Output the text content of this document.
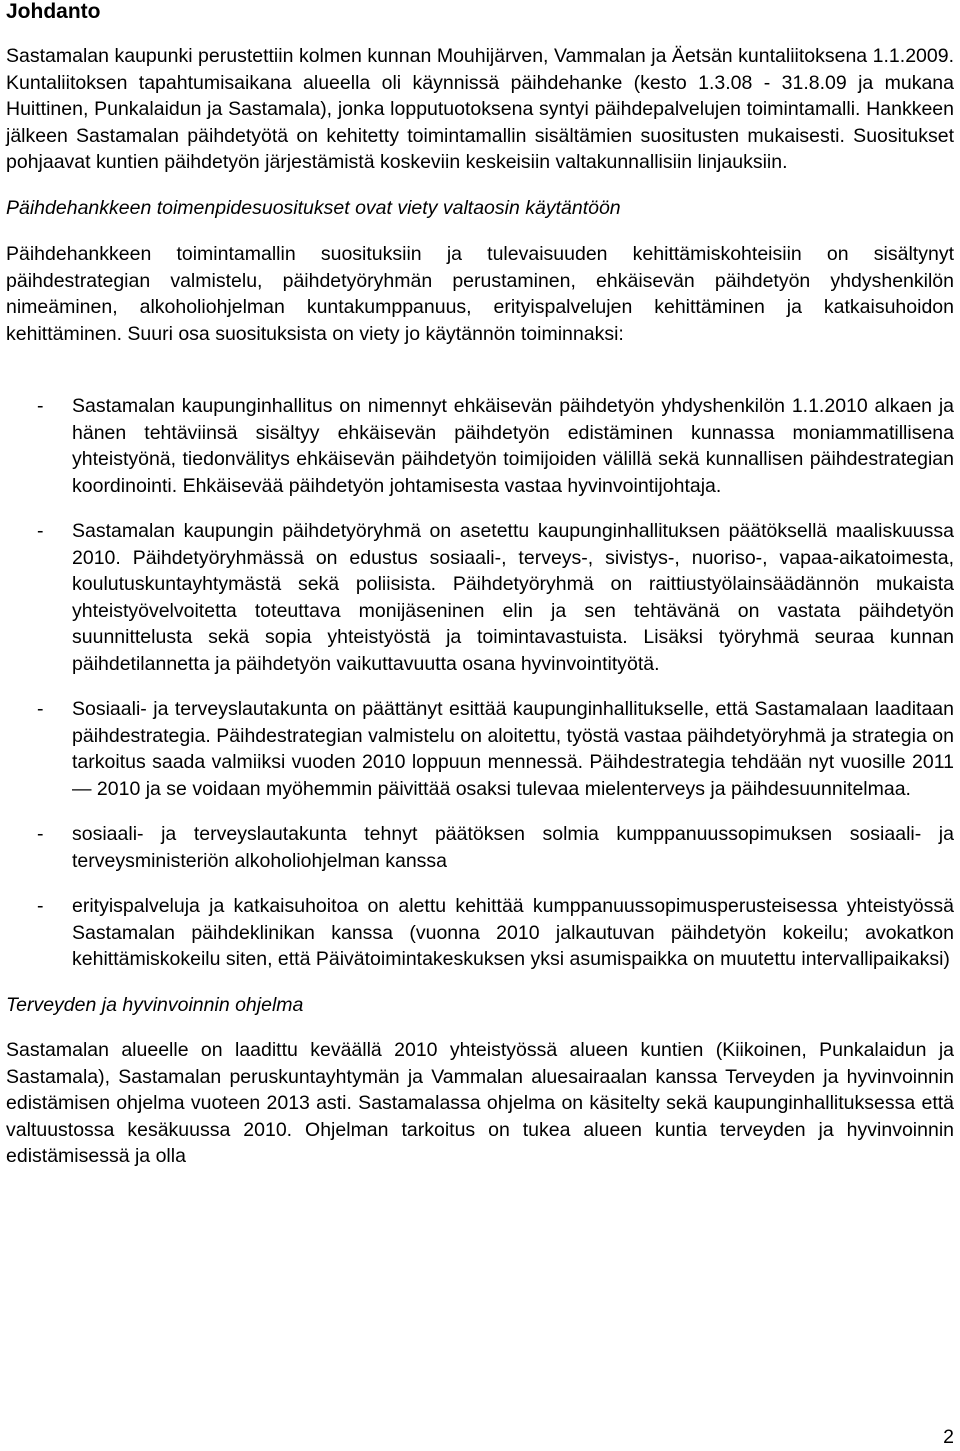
Johdanto

Sastamalan kaupunki perustettiin kolmen kunnan Mouhijärven, Vammalan ja Äetsän kuntaliitoksena 1.1.2009. Kuntaliitoksen tapahtumisaikana alueella oli käynnissä päihdehanke (kesto 1.3.08 - 31.8.09 ja mukana Huittinen, Punkalaidun ja Sastamala), jonka lopputuotoksena syntyi päihdepalvelujen toimintamalli. Hankkeen jälkeen Sastamalan päihdetyötä on kehitetty toimintamallin sisältämien suositusten mukaisesti. Suositukset pohjaavat kuntien päihdetyön järjestämistä koskeviin keskeisiin valtakunnallisiin linjauksiin.

Päihdehankkeen toimenpidesuositukset ovat viety valtaosin käytäntöön

Päihdehankkeen toimintamallin suosituksiin ja tulevaisuuden kehittämiskohteisiin on sisältynyt päihdestrategian valmistelu, päihdetyöryhmän perustaminen, ehkäisevän päihdetyön yhdyshenkilön nimeäminen, alkoholiohjelman kuntakumppanuus, erityispalvelujen kehittäminen ja katkaisuhoidon kehittäminen. Suuri osa suosituksista on viety jo käytännön toiminnaksi:

- Sastamalan kaupunginhallitus on nimennyt ehkäisevän päihdetyön yhdyshenkilön 1.1.2010 alkaen ja hänen tehtäviinsä sisältyy ehkäisevän päihdetyön edistäminen kunnassa moniammatillisena yhteistyönä, tiedonvälitys ehkäisevän päihdetyön toimijoiden välillä sekä kunnallisen päihdestrategian koordinointi. Ehkäisevää päihdetyön johtamisesta vastaa hyvinvointijohtaja.
- Sastamalan kaupungin päihdetyöryhmä on asetettu kaupunginhallituksen päätöksellä maaliskuussa 2010. Päihdetyöryhmässä on edustus sosiaali-, terveys-, sivistys-, nuoriso-, vapaa-aikatoimesta, koulutuskuntayhtymästä sekä poliisista. Päihdetyöryhmä on raittiustyölainsäädännön mukaista yhteistyövelvoitetta toteuttava monijäseninen elin ja sen tehtävänä on vastata päihdetyön suunnittelusta sekä sopia yhteistyöstä ja toimintavastuista. Lisäksi työryhmä seuraa kunnan päihdetilannetta ja päihdetyön vaikuttavuutta osana hyvinvointityötä.
- Sosiaali- ja terveyslautakunta on päättänyt esittää kaupunginhallitukselle, että Sastamalaan laaditaan päihdestrategia. Päihdestrategian valmistelu on aloitettu, työstä vastaa päihdetyöryhmä ja strategia on tarkoitus saada valmiiksi vuoden 2010 loppuun mennessä. Päihdestrategia tehdään nyt vuosille 2011 — 2010 ja se voidaan myöhemmin päivittää osaksi tulevaa mielenterveys ja päihdesuunnitelmaa.
- sosiaali- ja terveyslautakunta tehnyt päätöksen solmia kumppanuussopimuksen sosiaali- ja terveysministeriön alkoholiohjelman kanssa
- erityispalveluja ja katkaisuhoitoa on alettu kehittää kumppanuussopimusperusteisessa yhteistyössä Sastamalan päihdeklinikan kanssa (vuonna 2010 jalkautuvan päihdetyön kokeilu; avokatkon kehittämiskokeilu siten, että Päivätoimintakeskuksen yksi asumispaikka on muutettu intervallipaikaksi)

Terveyden ja hyvinvoinnin ohjelma

Sastamalan alueelle on laadittu keväällä 2010 yhteistyössä alueen kuntien (Kiikoinen, Punkalaidun ja Sastamala), Sastamalan peruskuntayhtymän ja Vammalan aluesairaalan kanssa Terveyden ja hyvinvoinnin edistämisen ohjelma vuoteen 2013 asti. Sastamalassa ohjelma on käsitelty sekä kaupunginhallituksessa että valtuustossa kesäkuussa 2010. Ohjelman tarkoitus on tukea alueen kuntia terveyden ja hyvinvoinnin edistämisessä ja olla

2
